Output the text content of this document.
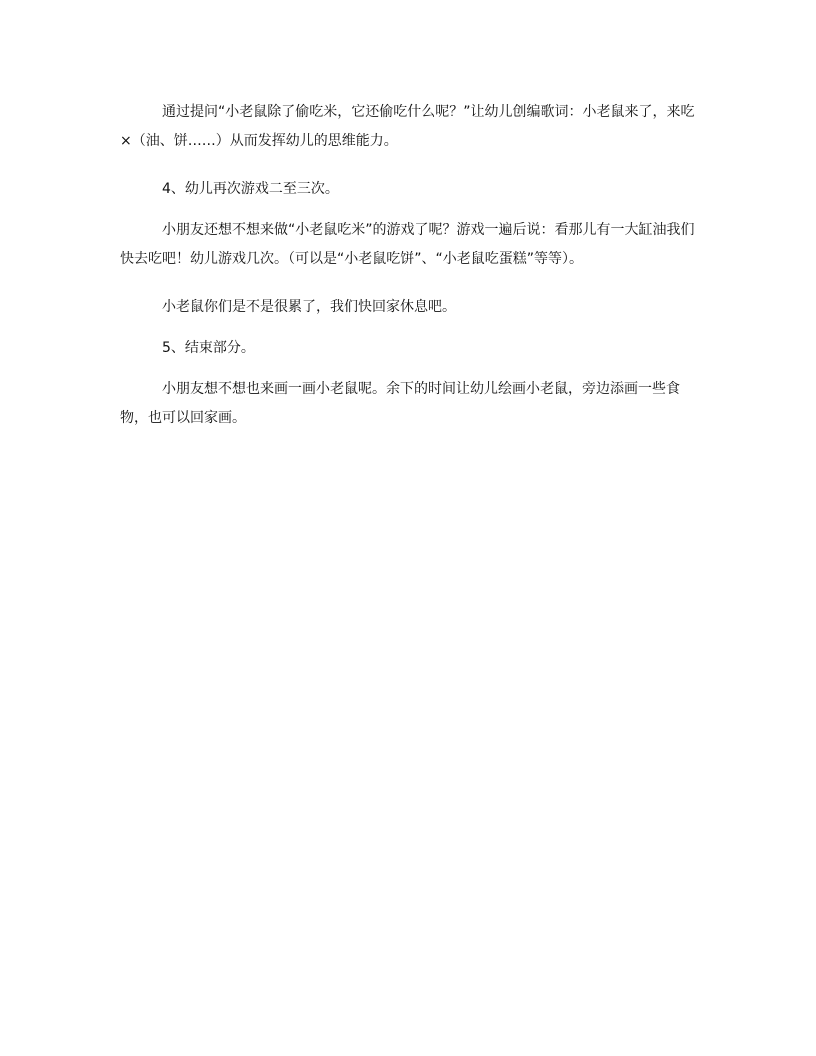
通过提问“小老鼠除了偷吃米，它还偷吃什么呢？”让幼儿创编歌词：小老鼠来了，来吃×（油、饼……）从而发挥幼儿的思维能力。

4、幼儿再次游戏二至三次。

小朋友还想不想来做“小老鼠吃米”的游戏了呢？游戏一遍后说：看那儿有一大缸油我们快去吃吧！幼儿游戏几次。（可以是“小老鼠吃饼”、“小老鼠吃蛋糕”等等）。

小老鼠你们是不是很累了，我们快回家休息吧。

5、结束部分。

小朋友想不想也来画一画小老鼠呢。余下的时间让幼儿绘画小老鼠，旁边添画一些食物，也可以回家画。
